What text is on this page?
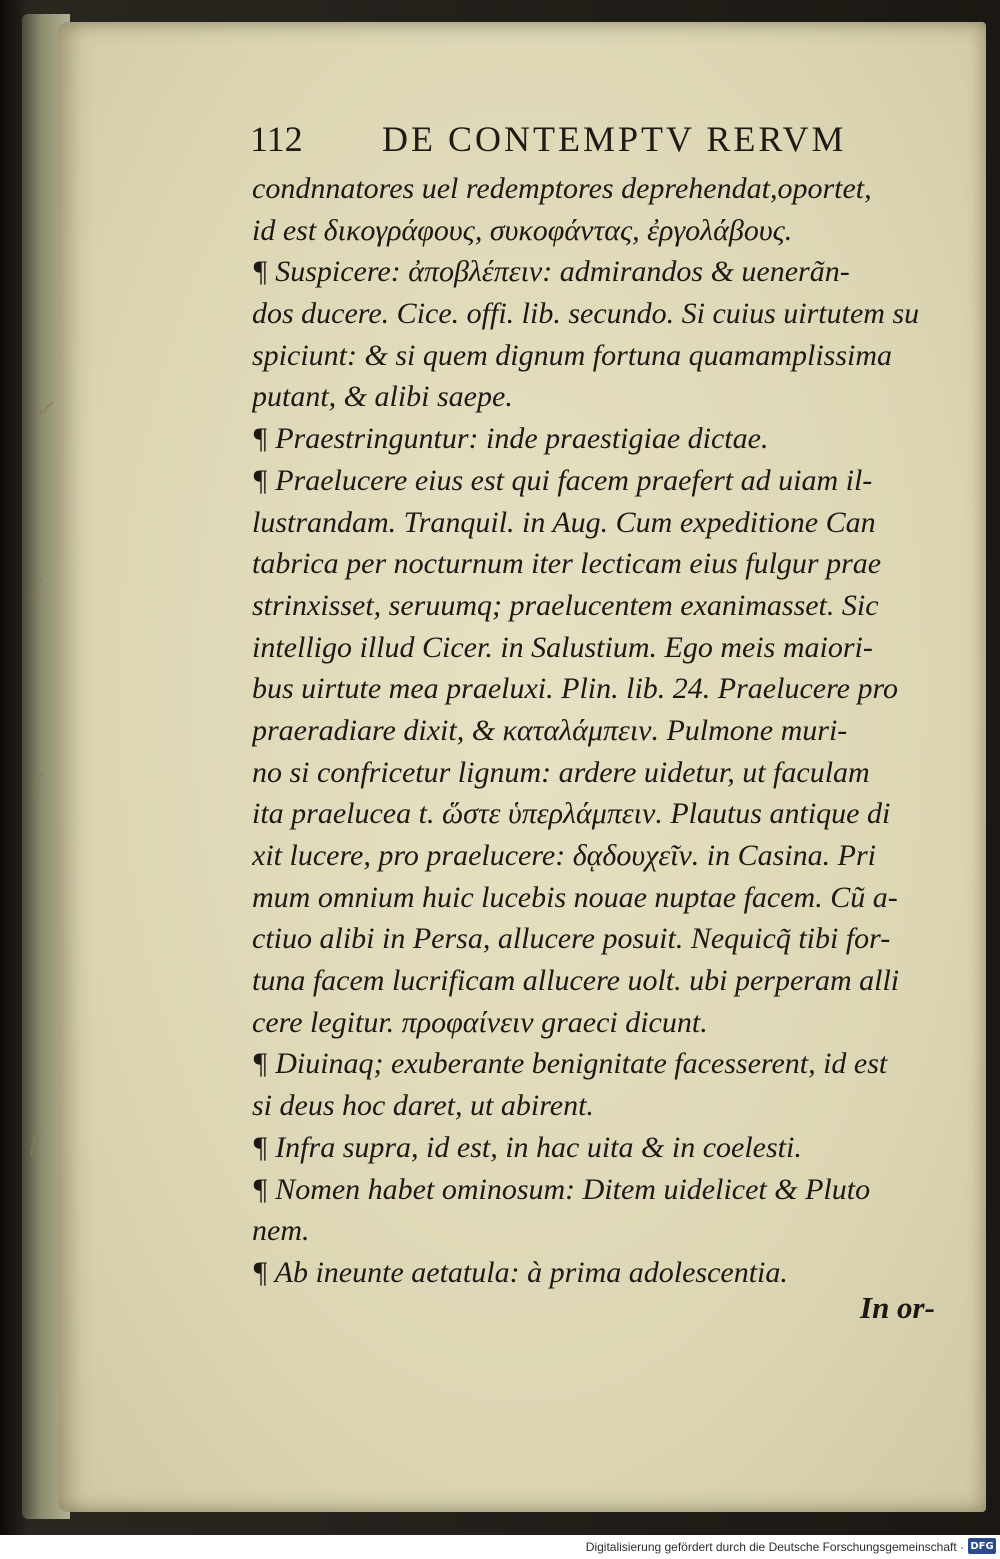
✓
∫
∫
ʗ
112 DE CONTEMPTV RERVM
condnnatores uel redemptores deprehendat,oportet,
id est δικογράφους, συκοφάντας, ἐργολάβους.
¶ Suspicere: ἀποβλέπειν: admirandos & uenerãn-
dos ducere. Cice. offi. lib. secundo. Si cuius uirtutem su
spiciunt: & si quem dignum fortuna quamamplissima
putant, & alibi saepe.
¶ Praestringuntur: inde praestigiae dictae.
¶ Praelucere eius est qui facem praefert ad uiam il-
lustrandam. Tranquil. in Aug. Cum expeditione Can
tabrica per nocturnum iter lecticam eius fulgur prae
strinxisset, seruumq; praelucentem exanimasset. Sic
intelligo illud Cicer. in Salustium. Ego meis maiori-
bus uirtute mea praeluxi. Plin. lib. 24. Praelucere pro
praeradiare dixit, & καταλάμπειν. Pulmone muri-
no si confricetur lignum: ardere uidetur, ut faculam
ita praelucea t. ὥστε ὑπερλάμπειν. Plautus antique di
xit lucere, pro praelucere: δᾳδουχεῖν. in Casina. Pri
mum omnium huic lucebis nouae nuptae facem. Cũ a-
ctiuo alibi in Persa, allucere posuit. Nequicq̃ tibi for-
tuna facem lucrificam allucere uolt. ubi perperam alli
cere legitur. προφαίνειν graeci dicunt.
¶ Diuinaq; exuberante benignitate facesserent, id est
si deus hoc daret, ut abirent.
¶ Infra supra, id est, in hac uita & in coelesti.
¶ Nomen habet ominosum: Ditem uidelicet & Pluto
nem.
¶ Ab ineunte aetatula: à prima adolescentia.
In or-
Digitalisierung gefördert durch die Deutsche Forschungsgemeinschaft · DFG
